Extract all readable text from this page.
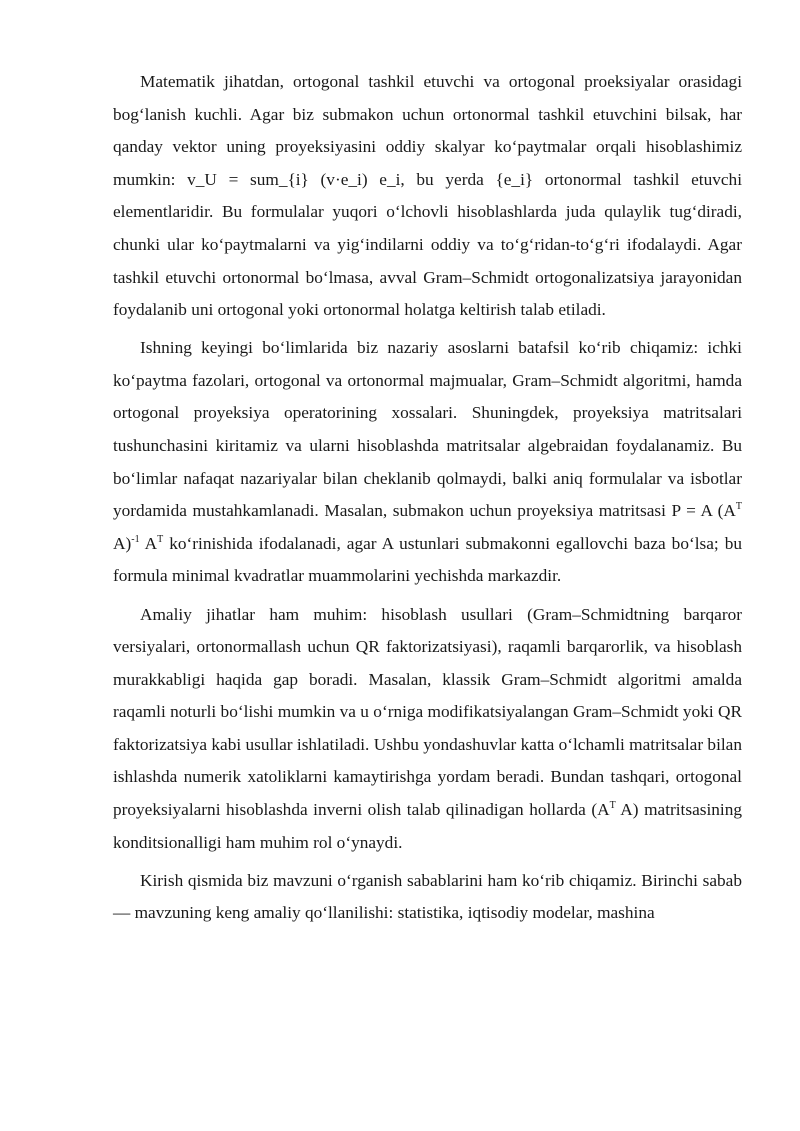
Matematik jihatdan, ortogonal tashkil etuvchi va ortogonal proeksiyalar orasidagi bog‘lanish kuchli. Agar biz submakon uchun ortonormal tashkil etuvchini bilsak, har qanday vektor uning proyeksiyasini oddiy skalyar ko‘paytmalar orqali hisoblashimiz mumkin: v_U = sum_{i} (v·e_i) e_i, bu yerda {e_i} ortonormal tashkil etuvchi elementlaridir. Bu formulalar yuqori o‘lchovli hisoblashlarda juda qulaylik tug‘diradi, chunki ular ko‘paytmalarni va yig‘indilarni oddiy va to‘g‘ridan-to‘g‘ri ifodalaydi. Agar tashkil etuvchi ortonormal bo‘lmasa, avval Gram–Schmidt ortogonalizatsiya jarayonidan foydalanib uni ortogonal yoki ortonormal holatga keltirish talab etiladi.

Ishning keyingi bo‘limlarida biz nazariy asoslarni batafsil ko‘rib chiqamiz: ichki ko‘paytma fazolari, ortogonal va ortonormal majmualar, Gram–Schmidt algoritmi, hamda ortogonal proyeksiya operatorining xossalari. Shuningdek, proyeksiya matritsalari tushunchasini kiritamiz va ularni hisoblashda matritsalar algebraidan foydalanamiz. Bu bo‘limlar nafaqat nazariyalar bilan cheklanib qolmaydi, balki aniq formulalar va isbotlar yordamida mustahkamlanadi. Masalan, submakon uchun proyeksiya matritsasi P = A ($A^T$ A)$^{-1}$ $A^T$ ko‘rinishida ifodalanadi, agar A ustunlari submakonni egallovchi baza bo‘lsa; bu formula minimal kvadratlar muammolarini yechishda markazdir.

Amaliy jihatlar ham muhim: hisoblash usullari (Gram–Schmidtning barqaror versiyalari, ortonormallash uchun QR faktorizatsiyasi), raqamli barqarorlik, va hisoblash murakkabligi haqida gap boradi. Masalan, klassik Gram–Schmidt algoritmi amalda raqamli noturli bo‘lishi mumkin va u o‘rniga modifikatsiyalangan Gram–Schmidt yoki QR faktorizatsiya kabi usullar ishlatiladi. Ushbu yondashuvlar katta o‘lchamli matritsalar bilan ishlashda numerik xatoliklarni kamaytirishga yordam beradi. Bundan tashqari, ortogonal proyeksiyalarni hisoblashda inverni olish talab qilinadigan hollarda ($A^T$ A) matritsasining konditsionalligi ham muhim rol o‘ynaydi.

Kirish qismida biz mavzuni o‘rganish sabablarini ham ko‘rib chiqamiz. Birinchi sabab — mavzuning keng amaliy qo‘llanilishi: statistika, iqtisodiy modelar, mashina
